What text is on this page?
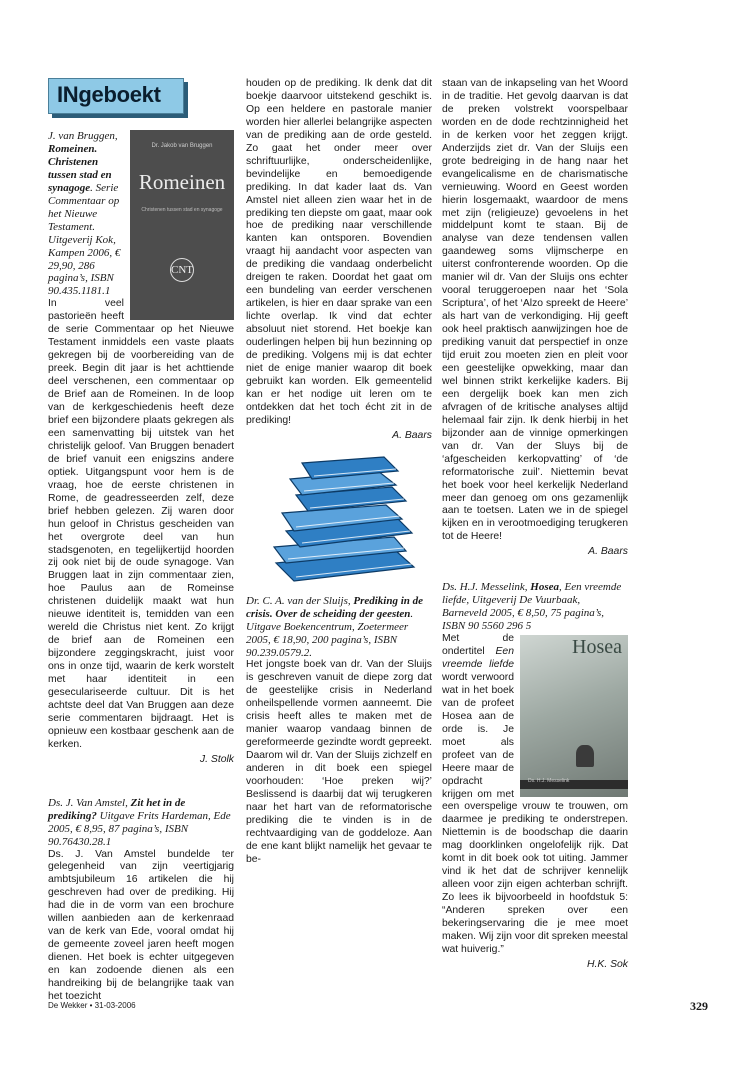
INgeboekt
Dr. Jakob van Bruggen
Romeinen
Christenen tussen stad en synagoge
CNT

J. van Bruggen,
Romeinen. Christenen tussen stad en synagoge. Serie Commentaar op het Nieuwe Testament. Uitgeverij Kok, Kampen 2006, € 29,90, 286 pagina’s, ISBN 90.435.1181.1

In veel pastorieën heeft de serie Commentaar op het Nieuwe Testament inmiddels een vaste plaats gekregen bij de voorbereiding van de preek. Begin dit jaar is het achttiende deel verschenen, een commentaar op de Brief aan de Romeinen. In de loop van de kerkgeschiedenis heeft deze brief een bijzondere plaats gekregen als een samenvatting bij uitstek van het christelijk geloof. Van Bruggen benadert de brief vanuit een enigszins andere optiek. Uitgangspunt voor hem is de vraag, hoe de eerste christenen in Rome, de geadresseerden zelf, deze brief hebben gelezen. Zij waren door hun geloof in Christus gescheiden van het overgrote deel van hun stadsgenoten, en tegelijkertijd hoorden zij ook niet bij de oude synagoge. Van Bruggen laat in zijn commentaar zien, hoe Paulus aan de Romeinse christenen duidelijk maakt wat hun nieuwe identiteit is, temidden van een wereld die Christus niet kent. Zo krijgt de brief aan de Romeinen een bijzondere zeggingskracht, juist voor ons in onze tijd, waarin de kerk worstelt met haar identiteit in een geseculariseerde cultuur. Dit is het achtste deel dat Van Bruggen aan deze serie commentaren bijdraagt. Het is opnieuw een kostbaar geschenk aan de kerken.

J. Stolk

Ds. J. Van Amstel, Zit het in de prediking? Uitgave Frits Hardeman, Ede 2005, € 8,95, 87 pagina’s, ISBN 90.76430.28.1

Ds. J. Van Amstel bundelde ter gelegenheid van zijn veertigjarig ambtsjubileum 16 artikelen die hij geschreven had over de prediking. Hij had die in de vorm van een brochure willen aanbieden aan de kerkenraad van de kerk van Ede, vooral omdat hij de gemeente zoveel jaren heeft mogen dienen. Het boek is echter uitgegeven en kan zodoende dienen als een handreiking bij de belangrijke taak van het toezicht

houden op de prediking. Ik denk dat dit boekje daarvoor uitstekend geschikt is. Op een heldere en pastorale manier worden hier allerlei belangrijke aspecten van de prediking aan de orde gesteld. Zo gaat het onder meer over schriftuurlijke, onderscheidenlijke, bevindelijke en bemoedigende prediking. In dat kader laat ds. Van Amstel niet alleen zien waar het in de prediking ten diepste om gaat, maar ook hoe de prediking naar verschillende kanten kan ontsporen. Bovendien vraagt hij aandacht voor aspecten van de prediking die vandaag onderbelicht dreigen te raken. Doordat het gaat om een bundeling van eerder verschenen artikelen, is hier en daar sprake van een lichte overlap. Ik vind dat echter absoluut niet storend. Het boekje kan ouderlingen helpen bij hun bezinning op de prediking. Volgens mij is dat echter niet de enige manier waarop dit boek gebruikt kan worden. Elk gemeentelid kan er het nodige uit leren om te ontdekken dat het toch écht zit in de prediking!

A. Baars

Dr. C. A. van der Sluijs, Prediking in de crisis. Over de scheiding der geesten. Uitgave Boekencentrum, Zoetermeer 2005, € 18,90, 200 pagina’s, ISBN 90.239.0579.2.

Het jongste boek van dr. Van der Sluijs is geschreven vanuit de diepe zorg dat de geestelijke crisis in Nederland onheilspellende vormen aanneemt. Die crisis heeft alles te maken met de manier waarop vandaag binnen de gereformeerde gezindte wordt gepreekt. Daarom wil dr. Van der Sluijs zichzelf en anderen in dit boek een spiegel voorhouden: ‘Hoe preken wij?’ Beslissend is daarbij dat wij terugkeren naar het hart van de reformatorische prediking die te vinden is in de rechtvaardiging van de goddeloze. Aan de ene kant blijkt namelijk het gevaar te be-

staan van de inkapseling van het Woord in de traditie. Het gevolg daarvan is dat de preken volstrekt voorspelbaar worden en de dode rechtzinnigheid het in de kerken voor het zeggen krijgt. Anderzijds ziet dr. Van der Sluijs een grote bedreiging in de hang naar het evangelicalisme en de charismatische vernieuwing. Woord en Geest worden hierin losgemaakt, waardoor de mens met zijn (religieuze) gevoelens in het middelpunt komt te staan. Bij de analyse van deze tendensen vallen gaandeweg soms vlijmscherpe en uiterst confronterende woorden. Op die manier wil dr. Van der Sluijs ons echter vooral teruggeroepen naar het ‘Sola Scriptura’, of het ‘Alzo spreekt de Heere’ als hart van de verkondiging. Hij geeft ook heel praktisch aanwijzingen hoe de prediking vanuit dat perspectief in onze tijd eruit zou moeten zien en pleit voor een geestelijke opwekking, maar dan wel binnen strikt kerkelijke kaders. Bij een dergelijk boek kan men zich afvragen of de kritische analyses altijd helemaal fair zijn. Ik denk hierbij in het bijzonder aan de vinnige opmerkingen van dr. Van der Sluys bij de ‘afgescheiden kerkopvatting’ of ‘de reformatorische zuil’. Niettemin bevat het boek voor heel kerkelijk Nederland meer dan genoeg om ons gezamenlijk aan te toetsen. Laten we in de spiegel kijken en in verootmoediging terugkeren tot de Heere!

A. Baars

Ds. H.J. Messelink, Hosea, Een vreemde liefde, Uitgeverij De Vuurbaak, Barneveld 2005, € 8,50, 75 pagina’s, ISBN 90 5560 296 5

Hosea
Ds. H.J. Messelink

Met de ondertitel Een vreemde liefde wordt verwoord wat in het boek van de profeet Hosea aan de orde is. Je moet als profeet van de Heere maar de opdracht krijgen om met een overspelige vrouw te trouwen, om daarmee je prediking te onderstrepen. Niettemin is de boodschap die daarin mag doorklinken ongelofelijk rijk. Dat komt in dit boek ook tot uiting. Jammer vind ik het dat de schrijver kennelijk alleen voor zijn eigen achterban schrijft. Zo lees ik bijvoorbeeld in hoofdstuk 5: “Anderen spreken over een bekeringservaring die je mee moet maken. Wij zijn voor dit spreken meestal wat huiverig.”

H.K. Sok

De Wekker • 31-03-2006	329
